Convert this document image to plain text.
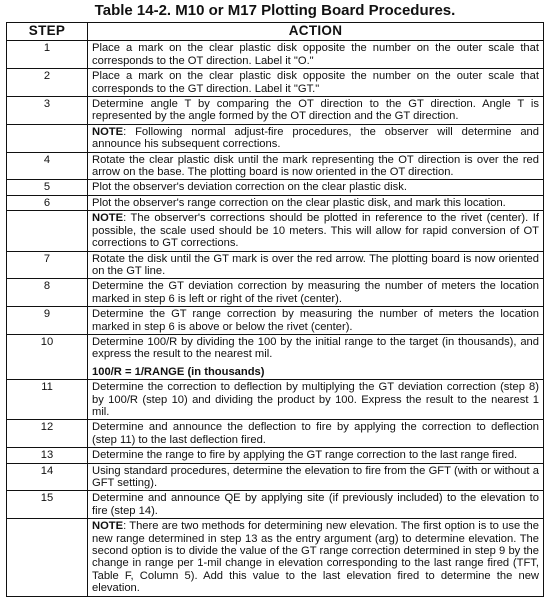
Table 14-2. M10 or M17 Plotting Board Procedures.
STEP	ACTION
1	Place a mark on the clear plastic disk opposite the number on the outer scale that corresponds to the OT direction. Label it "O."
2	Place a mark on the clear plastic disk opposite the number on the outer scale that corresponds to the GT direction. Label it "GT."
3	Determine angle T by comparing the OT direction to the GT direction. Angle T is represented by the angle formed by the OT direction and the GT direction.
	NOTE: Following normal adjust-fire procedures, the observer will determine and announce his subsequent corrections.
4	Rotate the clear plastic disk until the mark representing the OT direction is over the red arrow on the base. The plotting board is now oriented in the OT direction.
5	Plot the observer's deviation correction on the clear plastic disk.
6	Plot the observer's range correction on the clear plastic disk, and mark this location.
	NOTE: The observer's corrections should be plotted in reference to the rivet (center). If possible, the scale used should be 10 meters. This will allow for rapid conversion of OT corrections to GT corrections.
7	Rotate the disk until the GT mark is over the red arrow. The plotting board is now oriented on the GT line.
8	Determine the GT deviation correction by measuring the number of meters the location marked in step 6 is left or right of the rivet (center).
9	Determine the GT range correction by measuring the number of meters the location marked in step 6 is above or below the rivet (center).
10	Determine 100/R by dividing the 100 by the initial range to the target (in thousands), and express the result to the nearest mil.
100/R = 1/RANGE (in thousands)

11	Determine the correction to deflection by multiplying the GT deviation correction (step 8) by 100/R (step 10) and dividing the product by 100. Express the result to the nearest 1 mil.
12	Determine and announce the deflection to fire by applying the correction to deflection (step 11) to the last deflection fired.
13	Determine the range to fire by applying the GT range correction to the last range fired.
14	Using standard procedures, determine the elevation to fire from the GFT (with or without a GFT setting).
15	Determine and announce QE by applying site (if previously included) to the elevation to fire (step 14).
	NOTE: There are two methods for determining new elevation. The first option is to use the new range determined in step 13 as the entry argument (arg) to determine elevation. The second option is to divide the value of the GT range correction determined in step 9 by the change in range per 1-mil change in elevation corresponding to the last range fired (TFT, Table F, Column 5). Add this value to the last elevation fired to determine the new elevation.
